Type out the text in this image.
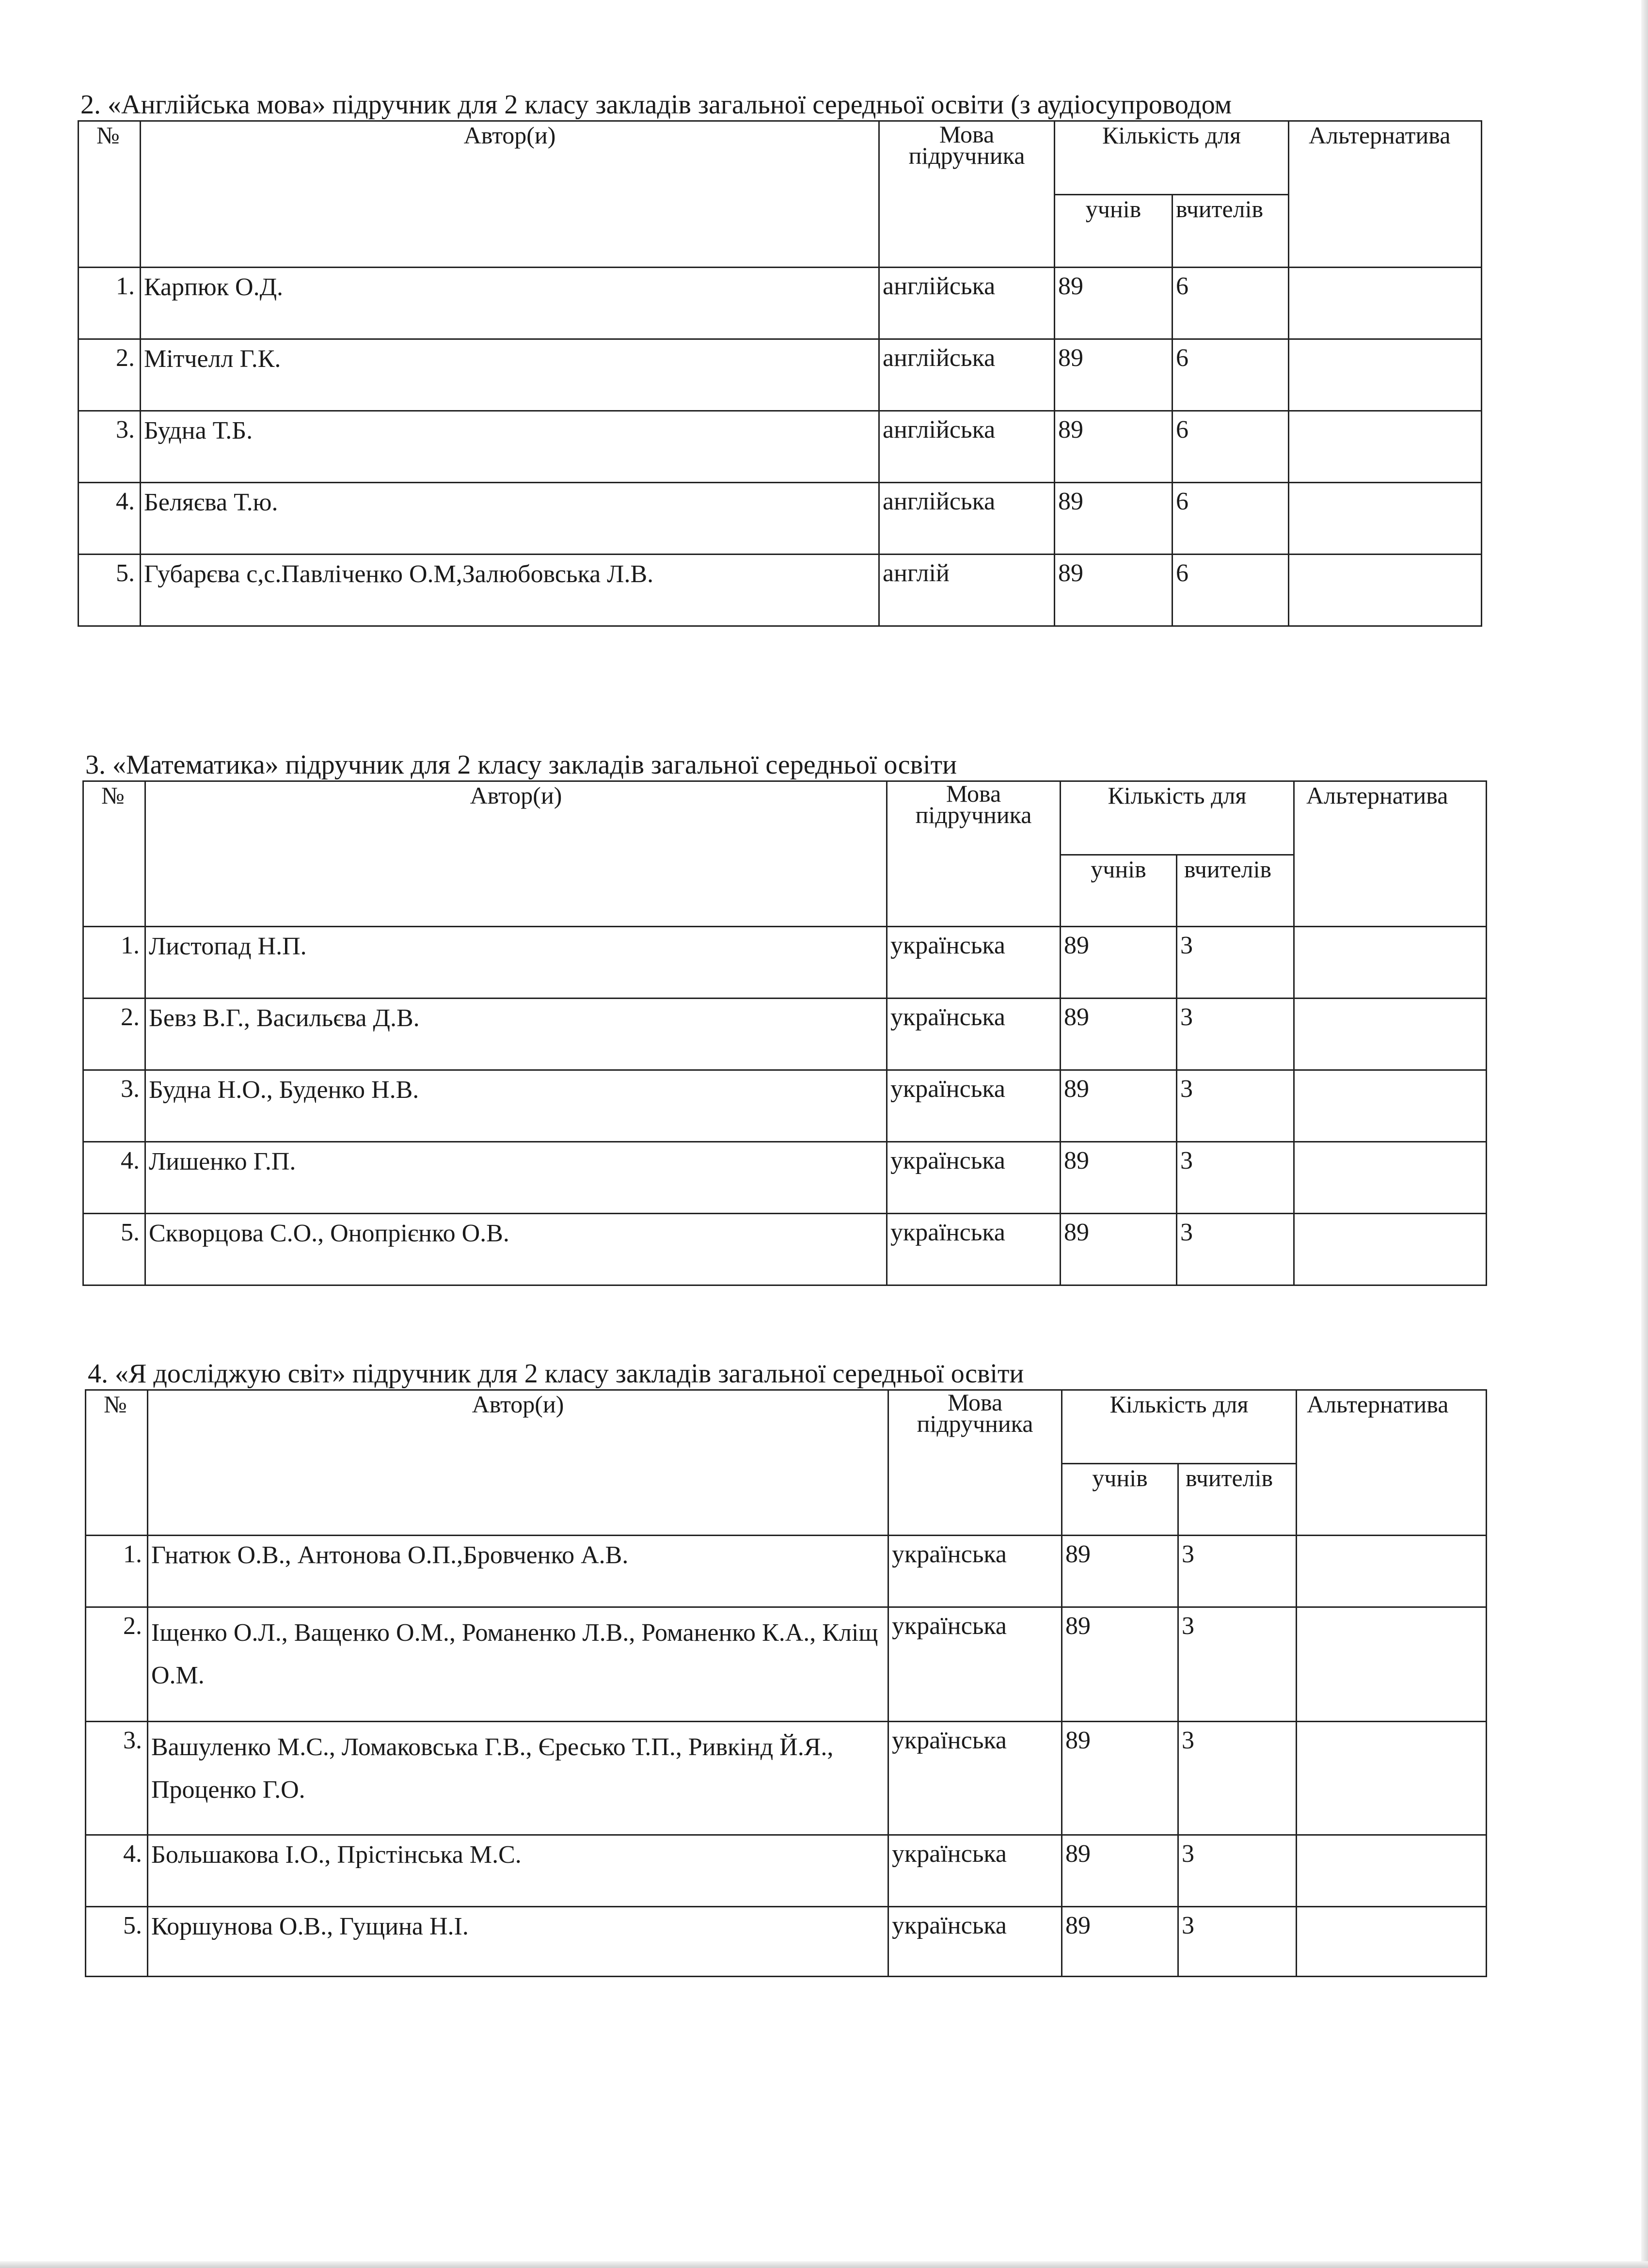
2. «Англійська мова» підручник для 2 класу закладів загальної середньої освіти (з аудіосупроводом
№	Автор(и)	Мова підручника	Кількість для		Альтернатива
			учнів	вчителів	
1.	Карпюк О.Д.	англійська	89	6	
2.	Мітчелл Г.К.	англійська	89	6	
3.	Будна Т.Б.	англійська	89	6	
4.	Беляєва Т.ю.	англійська	89	6	
5.	Губарєва с,с.Павліченко О.М,Залюбовська Л.В.	англій	89	6	
3. «Математика» підручник для 2 класу закладів загальної середньої освіти
№	Автор(и)	Мова підручника	Кількість для		Альтернатива
			учнів	вчителів	
1.	Листопад Н.П.	українська	89	3	
2.	Бевз В.Г., Васильєва Д.В.	українська	89	3	
3.	Будна Н.О., Буденко Н.В.	українська	89	3	
4.	Лишенко Г.П.	українська	89	3	
5.	Скворцова С.О., Онопрієнко О.В.	українська	89	3	
4. «Я досліджую світ» підручник для 2 класу закладів загальної середньої освіти
№	Автор(и)	Мова підручника	Кількість для		Альтернатива
			учнів	вчителів	
1.	Гнатюк О.В., Антонова О.П.,Бровченко А.В.	українська	89	3	
2.	Іщенко О.Л., Ващенко О.М., Романенко Л.В., Романенко К.А., Кліщ О.М.	українська	89	3	
3.	Вашуленко М.С., Ломаковська Г.В., Єресько Т.П., Ривкінд Й.Я., Проценко Г.О.	українська	89	3	
4.	Большакова І.О., Прістінська М.С.	українська	89	3	
5.	Коршунова О.В., Гущина Н.І.	українська	89	3	
